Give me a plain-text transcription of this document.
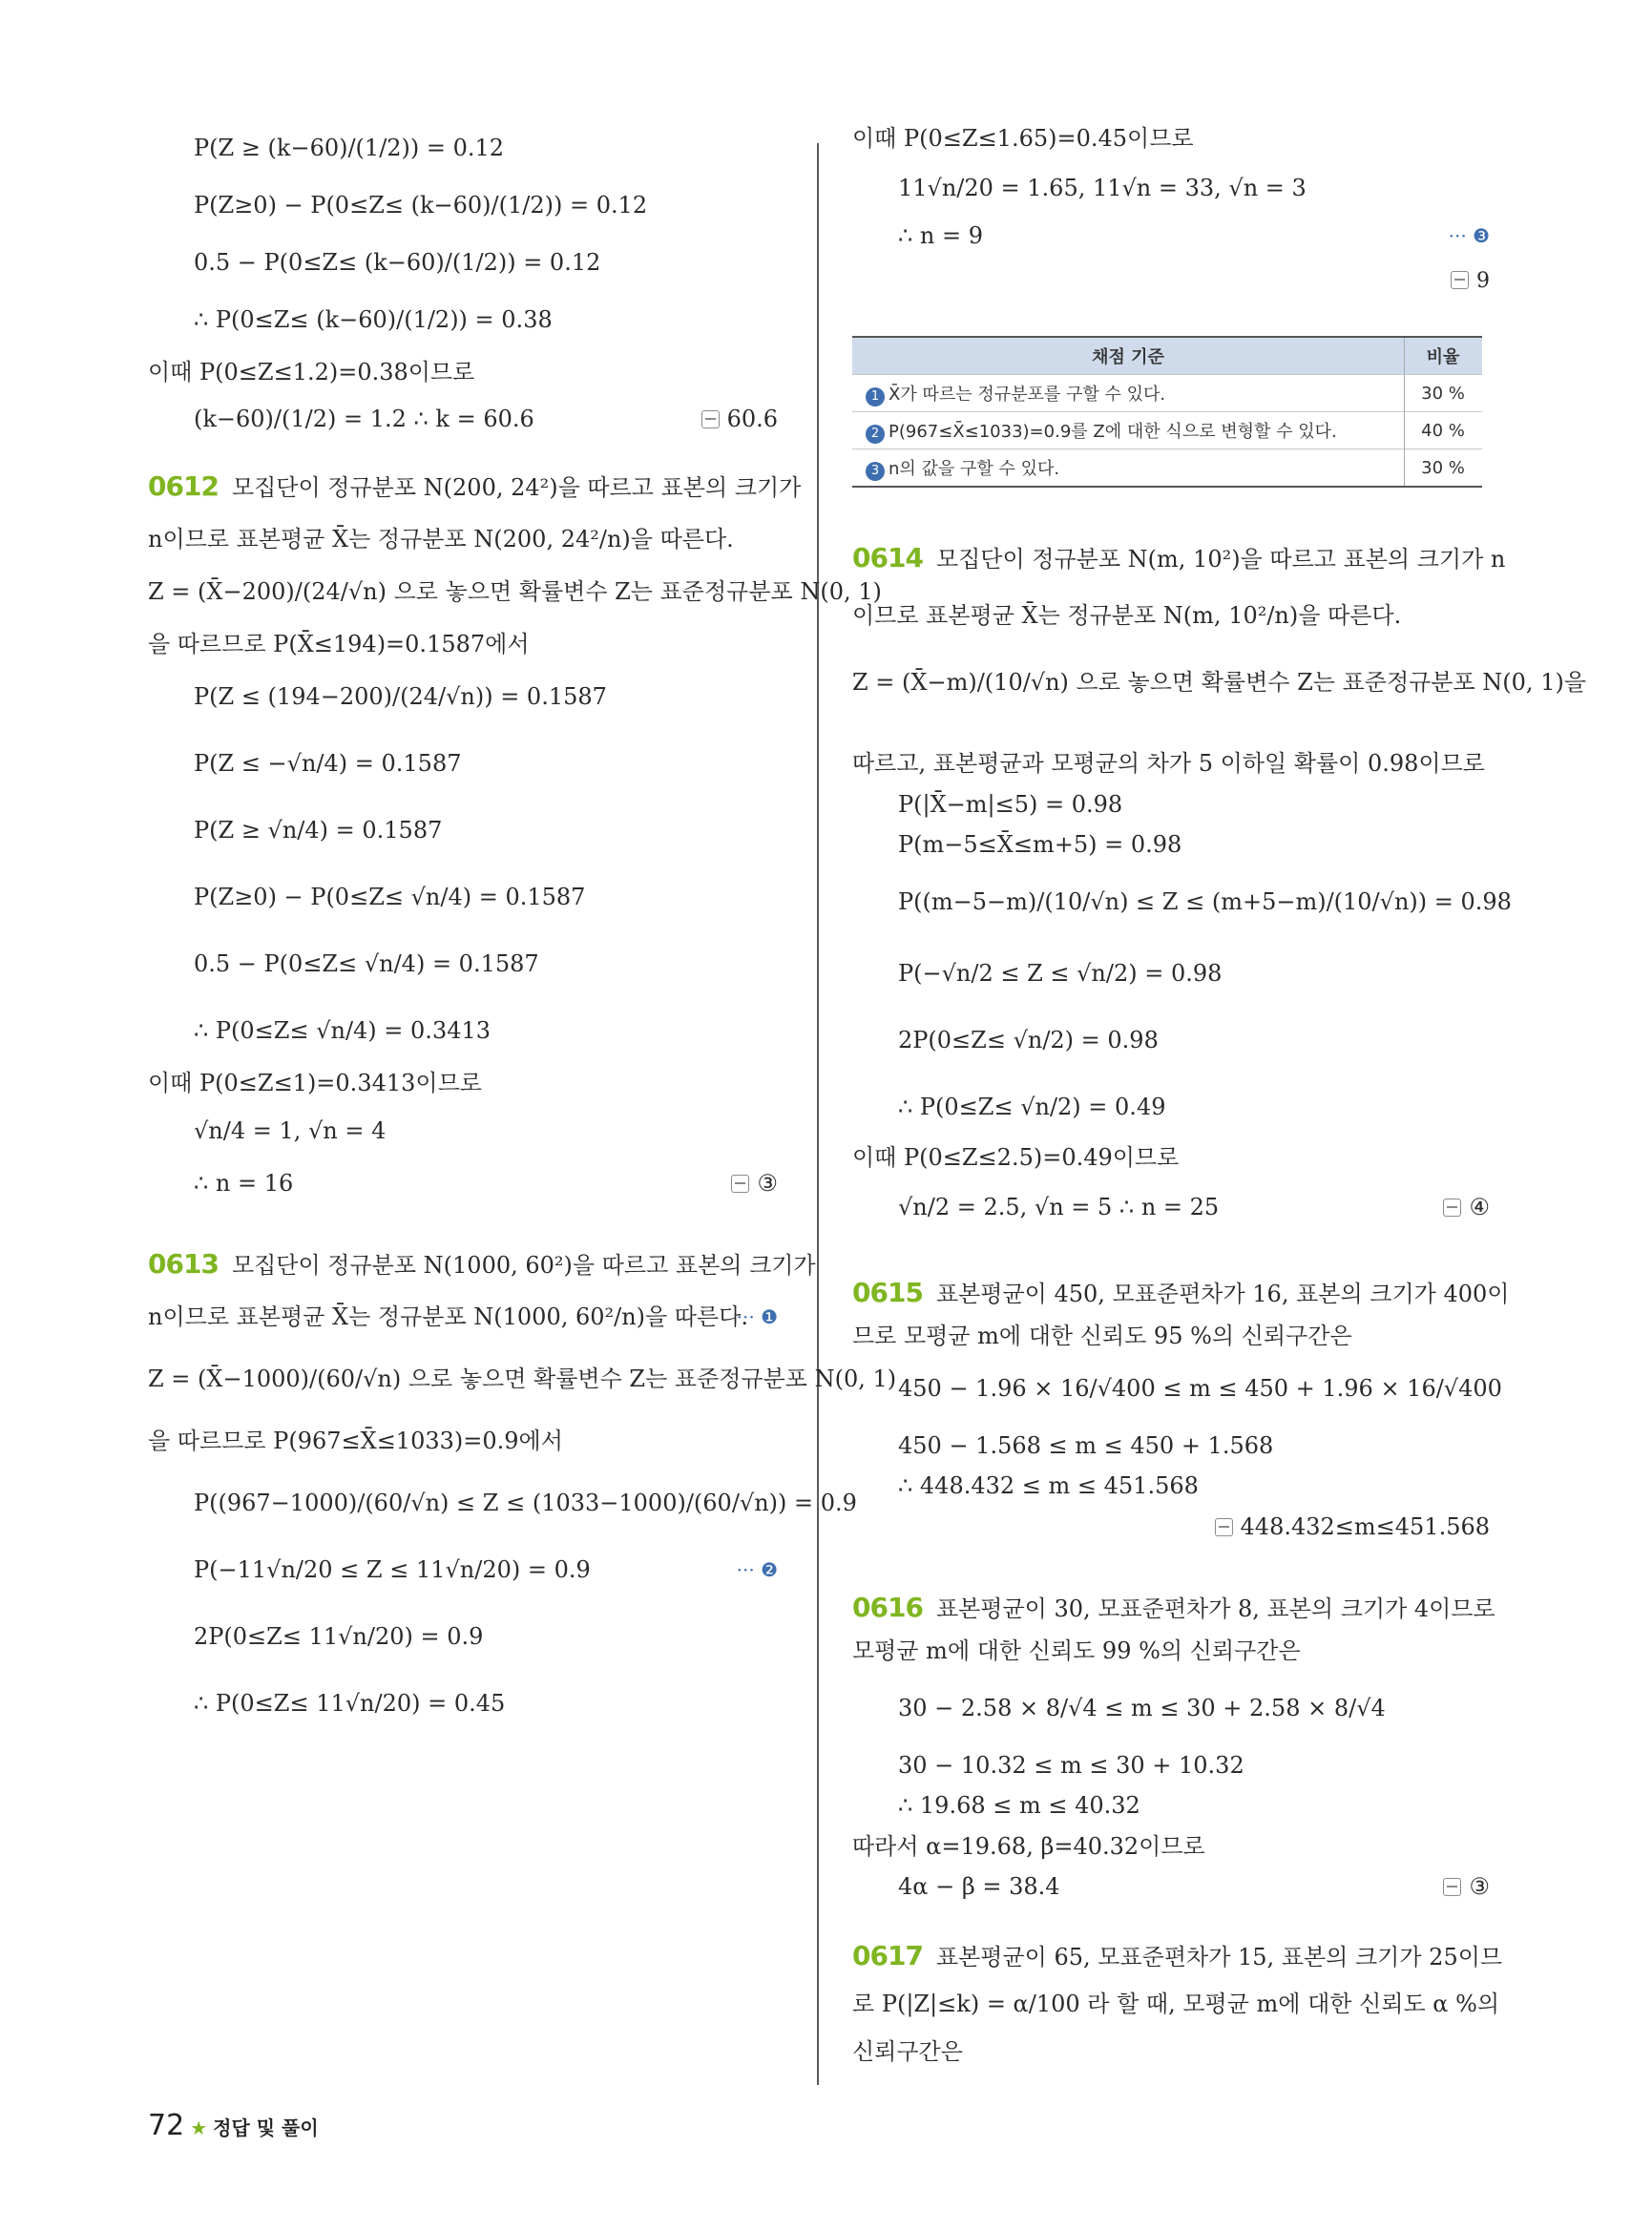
P(Z ≥ (k−60)/(1/2)) = 0.12
P(Z≥0) − P(0≤Z≤ (k−60)/(1/2)) = 0.12
0.5 − P(0≤Z≤ (k−60)/(1/2)) = 0.12
∴ P(0≤Z≤ (k−60)/(1/2)) = 0.38
이때 P(0≤Z≤1.2)=0.38이므로
(k−60)/(1/2) = 1.2 ∴ k = 60.6	60.6
0612 모집단이 정규분포 N(200, 24²)을 따르고 표본의 크기가
n이므로 표본평균 X̄는 정규분포 N(200, 24²/n)을 따른다.
Z = (X̄−200)/(24/√n) 으로 놓으면 확률변수 Z는 표준정규분포 N(0, 1)
을 따르므로 P(X̄≤194)=0.1587에서
P(Z ≤ (194−200)/(24/√n)) = 0.1587
P(Z ≤ −√n/4) = 0.1587
P(Z ≥ √n/4) = 0.1587
P(Z≥0) − P(0≤Z≤ √n/4) = 0.1587
0.5 − P(0≤Z≤ √n/4) = 0.1587
∴ P(0≤Z≤ √n/4) = 0.3413
이때 P(0≤Z≤1)=0.3413이므로
√n/4 = 1, √n = 4
∴ n = 16	③
0613 모집단이 정규분포 N(1000, 60²)을 따르고 표본의 크기가
n이므로 표본평균 X̄는 정규분포 N(1000, 60²/n)을 따른다.
··· ❶
Z = (X̄−1000)/(60/√n) 으로 놓으면 확률변수 Z는 표준정규분포 N(0, 1)
을 따르므로 P(967≤X̄≤1033)=0.9에서
P((967−1000)/(60/√n) ≤ Z ≤ (1033−1000)/(60/√n)) = 0.9
P(−11√n/20 ≤ Z ≤ 11√n/20) = 0.9	··· ❷
2P(0≤Z≤ 11√n/20) = 0.9
∴ P(0≤Z≤ 11√n/20) = 0.45
이때 P(0≤Z≤1.65)=0.45이므로
11√n/20 = 1.65, 11√n = 33, √n = 3
∴ n = 9	··· ❸
9
채점 기준	비율
1 X̄가 따르는 정규분포를 구할 수 있다.	30 %
2 P(967≤X̄≤1033)=0.9를 Z에 대한 식으로 변형할 수 있다.	40 %
3 n의 값을 구할 수 있다.	30 %
0614 모집단이 정규분포 N(m, 10²)을 따르고 표본의 크기가 n
이므로 표본평균 X̄는 정규분포 N(m, 10²/n)을 따른다.
Z = (X̄−m)/(10/√n) 으로 놓으면 확률변수 Z는 표준정규분포 N(0, 1)을
따르고, 표본평균과 모평균의 차가 5 이하일 확률이 0.98이므로
P(|X̄−m|≤5) = 0.98
P(m−5≤X̄≤m+5) = 0.98
P((m−5−m)/(10/√n) ≤ Z ≤ (m+5−m)/(10/√n)) = 0.98
P(−√n/2 ≤ Z ≤ √n/2) = 0.98
2P(0≤Z≤ √n/2) = 0.98
∴ P(0≤Z≤ √n/2) = 0.49
이때 P(0≤Z≤2.5)=0.49이므로
√n/2 = 2.5, √n = 5 ∴ n = 25	④
0615 표본평균이 450, 모표준편차가 16, 표본의 크기가 400이
므로 모평균 m에 대한 신뢰도 95 %의 신뢰구간은
450 − 1.96 × 16/√400 ≤ m ≤ 450 + 1.96 × 16/√400
450 − 1.568 ≤ m ≤ 450 + 1.568
∴ 448.432 ≤ m ≤ 451.568
448.432≤m≤451.568
0616 표본평균이 30, 모표준편차가 8, 표본의 크기가 4이므로
모평균 m에 대한 신뢰도 99 %의 신뢰구간은
30 − 2.58 × 8/√4 ≤ m ≤ 30 + 2.58 × 8/√4
30 − 10.32 ≤ m ≤ 30 + 10.32
∴ 19.68 ≤ m ≤ 40.32
따라서 α=19.68, β=40.32이므로
4α − β = 38.4	③
0617 표본평균이 65, 모표준편차가 15, 표본의 크기가 25이므
로 P(|Z|≤k) = α/100 라 할 때, 모평균 m에 대한 신뢰도 α %의
신뢰구간은
72 ★ 정답 및 풀이
